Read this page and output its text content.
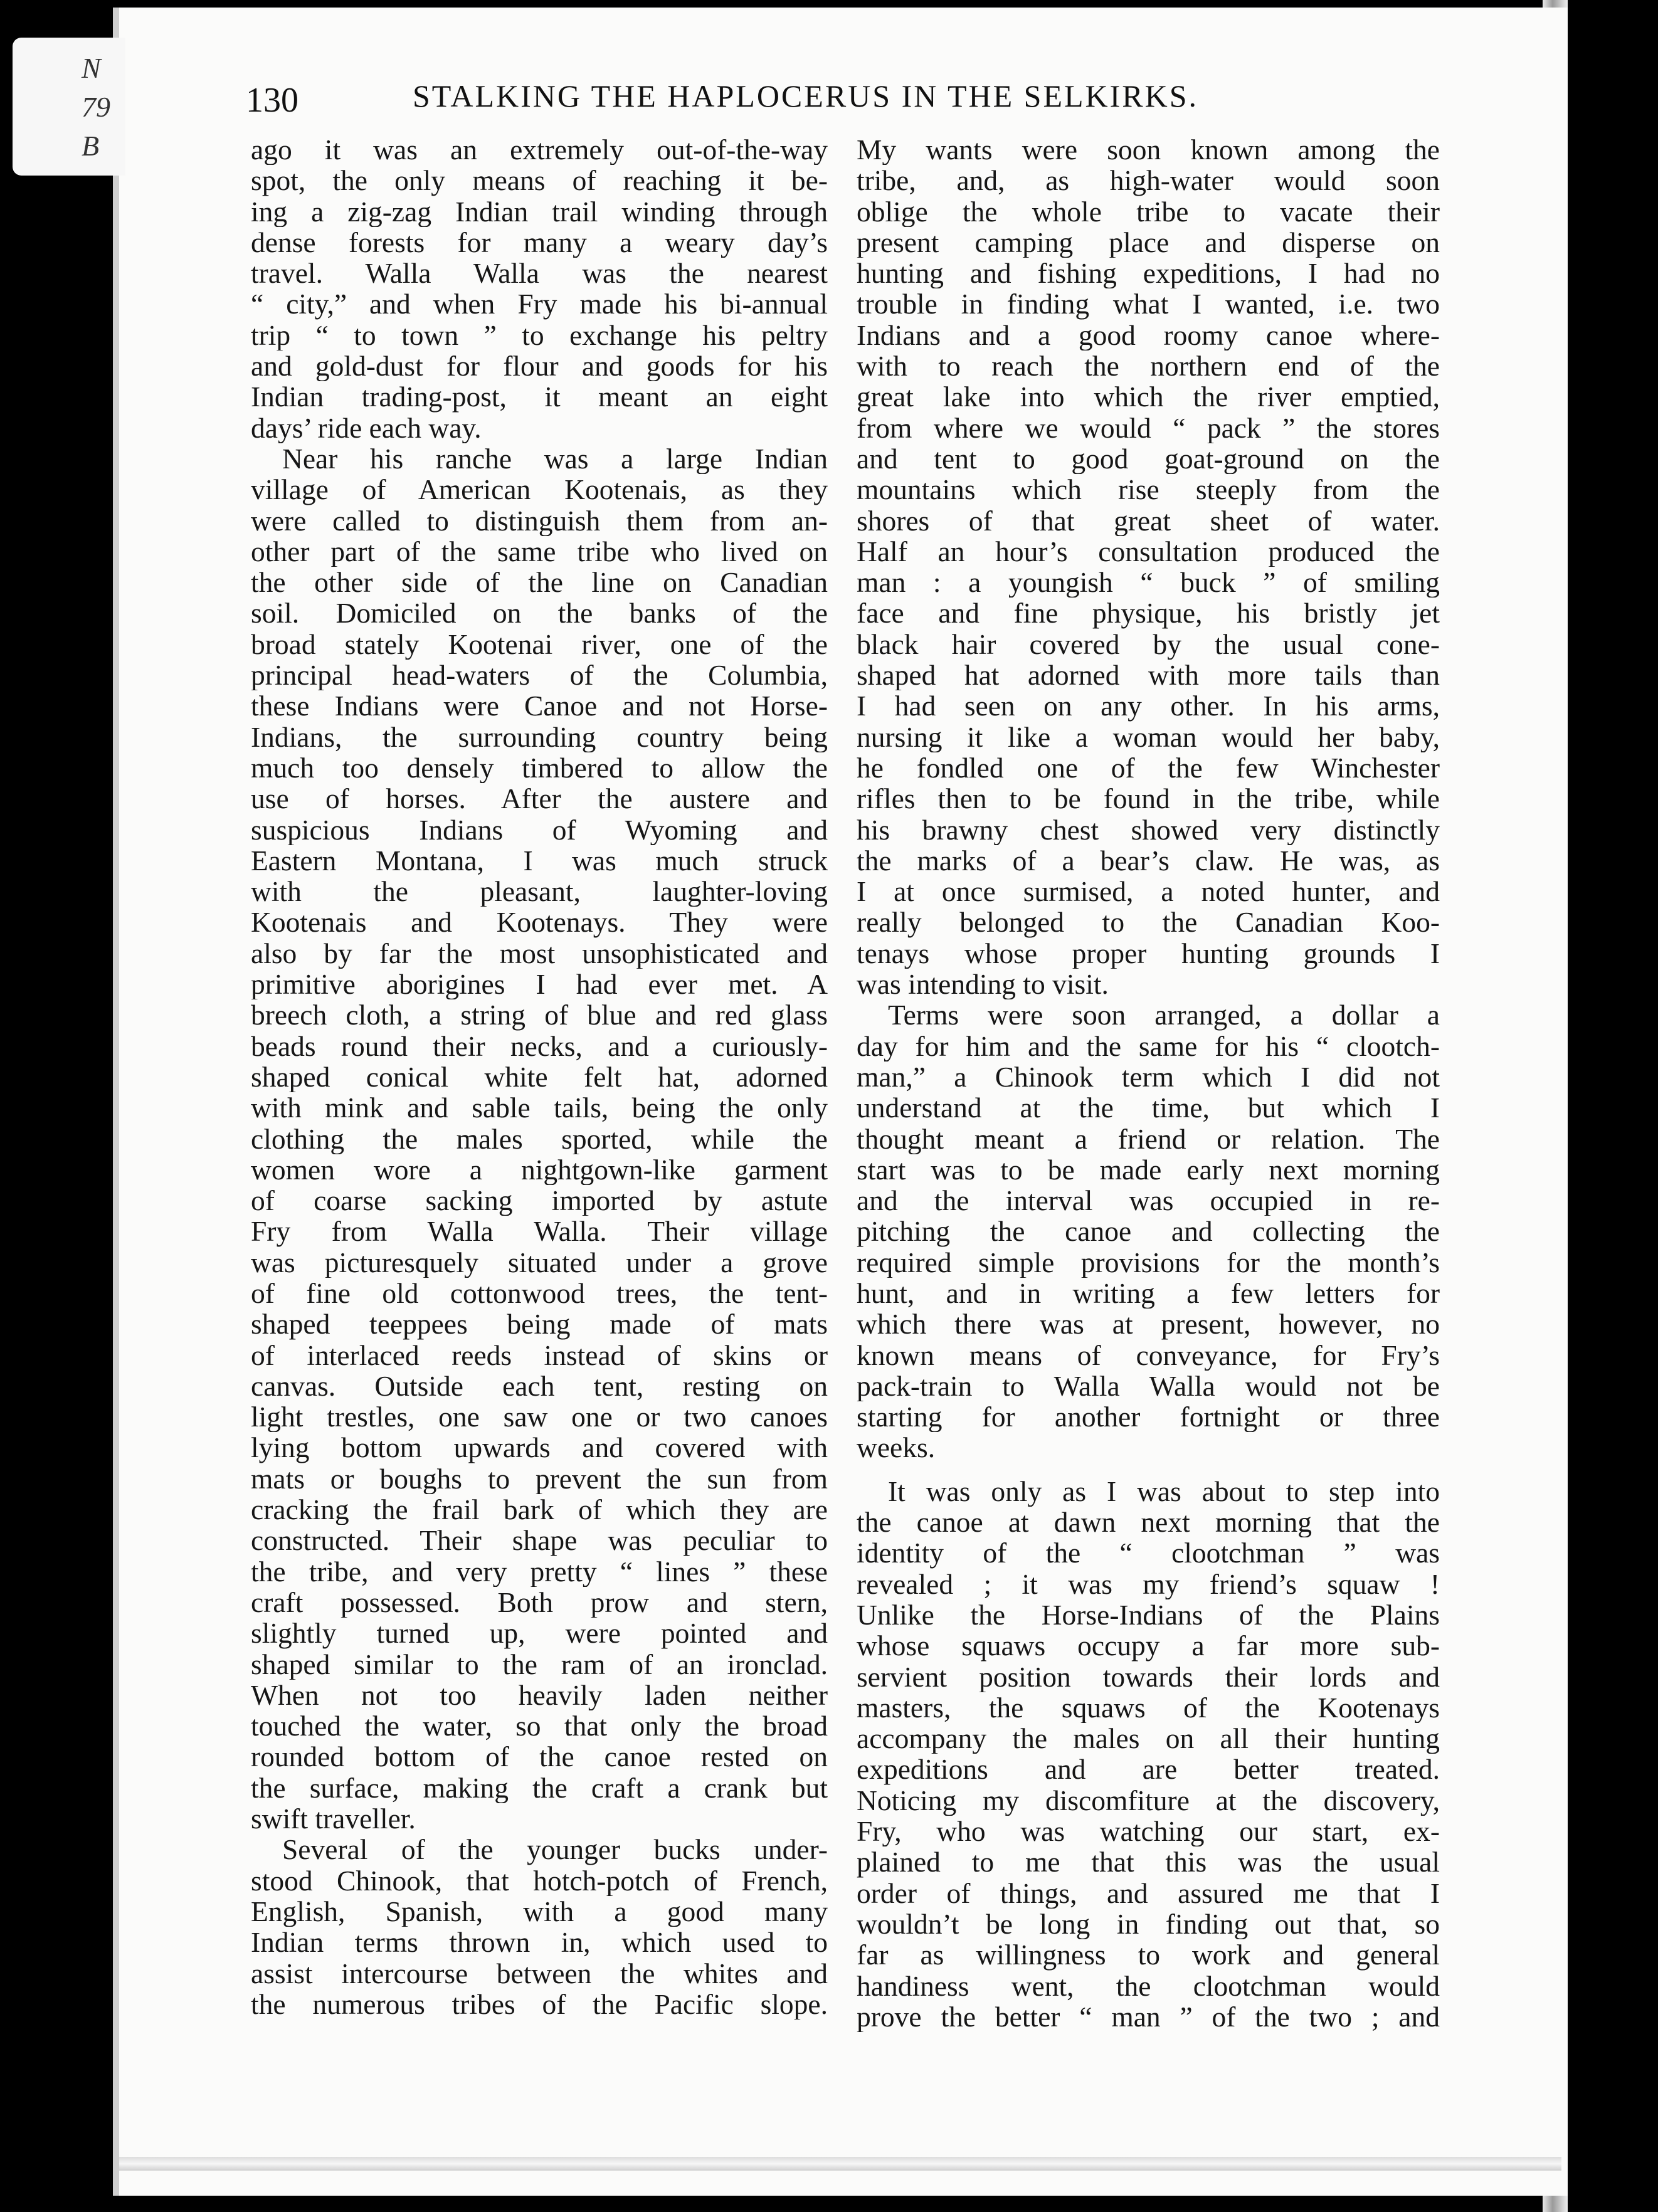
N
79
B
130	STALKING THE HAPLOCERUS IN THE SELKIRKS.
ago it was an extremely out-of-the-way
spot, the only means of reaching it be-
ing a zig-zag Indian trail winding through
dense forests for many a weary day’s
travel. Walla Walla was the nearest
“ city,” and when Fry made his bi-annual
trip “ to town ” to exchange his peltry
and gold-dust for flour and goods for his
Indian trading-post, it meant an eight
days’ ride each way.
Near his ranche was a large Indian
village of American Kootenais, as they
were called to distinguish them from an-
other part of the same tribe who lived on
the other side of the line on Canadian
soil. Domiciled on the banks of the
broad stately Kootenai river, one of the
principal head-waters of the Columbia,
these Indians were Canoe and not Horse-
Indians, the surrounding country being
much too densely timbered to allow the
use of horses. After the austere and
suspicious Indians of Wyoming and
Eastern Montana, I was much struck
with the pleasant, laughter-loving
Kootenais and Kootenays. They were
also by far the most unsophisticated and
primitive aborigines I had ever met. A
breech cloth, a string of blue and red glass
beads round their necks, and a curiously-
shaped conical white felt hat, adorned
with mink and sable tails, being the only
clothing the males sported, while the
women wore a nightgown-like garment
of coarse sacking imported by astute
Fry from Walla Walla. Their village
was picturesquely situated under a grove
of fine old cottonwood trees, the tent-
shaped teeppees being made of mats
of interlaced reeds instead of skins or
canvas. Outside each tent, resting on
light trestles, one saw one or two canoes
lying bottom upwards and covered with
mats or boughs to prevent the sun from
cracking the frail bark of which they are
constructed. Their shape was peculiar to
the tribe, and very pretty “ lines ” these
craft possessed. Both prow and stern,
slightly turned up, were pointed and
shaped similar to the ram of an ironclad.
When not too heavily laden neither
touched the water, so that only the broad
rounded bottom of the canoe rested on
the surface, making the craft a crank but
swift traveller.
Several of the younger bucks under-
stood Chinook, that hotch-potch of French,
English, Spanish, with a good many
Indian terms thrown in, which used to
assist intercourse between the whites and
the numerous tribes of the Pacific slope.
My wants were soon known among the
tribe, and, as high-water would soon
oblige the whole tribe to vacate their
present camping place and disperse on
hunting and fishing expeditions, I had no
trouble in finding what I wanted, i.e. two
Indians and a good roomy canoe where-
with to reach the northern end of the
great lake into which the river emptied,
from where we would “ pack ” the stores
and tent to good goat-ground on the
mountains which rise steeply from the
shores of that great sheet of water.
Half an hour’s consultation produced the
man : a youngish “ buck ” of smiling
face and fine physique, his bristly jet
black hair covered by the usual cone-
shaped hat adorned with more tails than
I had seen on any other. In his arms,
nursing it like a woman would her baby,
he fondled one of the few Winchester
rifles then to be found in the tribe, while
his brawny chest showed very distinctly
the marks of a bear’s claw. He was, as
I at once surmised, a noted hunter, and
really belonged to the Canadian Koo-
tenays whose proper hunting grounds I
was intending to visit.
Terms were soon arranged, a dollar a
day for him and the same for his “ clootch-
man,” a Chinook term which I did not
understand at the time, but which I
thought meant a friend or relation. The
start was to be made early next morning
and the interval was occupied in re-
pitching the canoe and collecting the
required simple provisions for the month’s
hunt, and in writing a few letters for
which there was at present, however, no
known means of conveyance, for Fry’s
pack-train to Walla Walla would not be
starting for another fortnight or three
weeks.
It was only as I was about to step into
the canoe at dawn next morning that the
identity of the “ clootchman ” was
revealed ; it was my friend’s squaw !
Unlike the Horse-Indians of the Plains
whose squaws occupy a far more sub-
servient position towards their lords and
masters, the squaws of the Kootenays
accompany the males on all their hunting
expeditions and are better treated.
Noticing my discomfiture at the discovery,
Fry, who was watching our start, ex-
plained to me that this was the usual
order of things, and assured me that I
wouldn’t be long in finding out that, so
far as willingness to work and general
handiness went, the clootchman would
prove the better “ man ” of the two ; and
